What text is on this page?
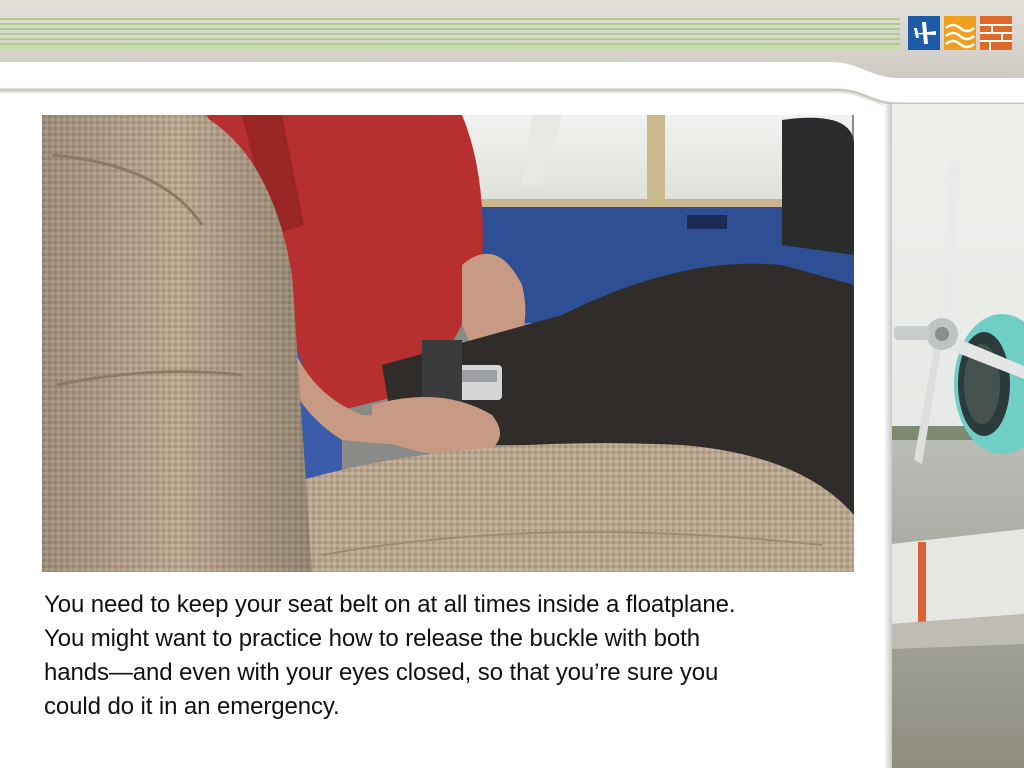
You need to keep your seat belt on at all times inside a floatplane.
You might want to practice how to release the buckle with both
hands—and even with your eyes closed, so that you’re sure you
could do it in an emergency.
